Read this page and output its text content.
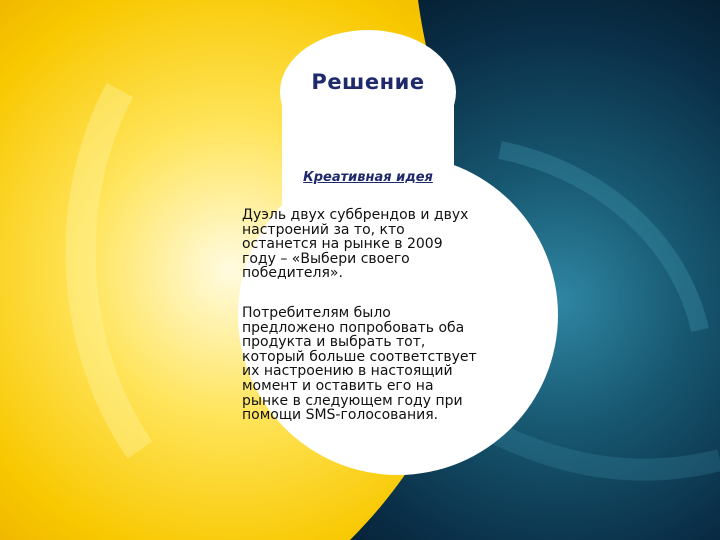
Решение
Креативная идея
Дуэль двух суббрендов и двух
настроений за то, кто
останется на рынке в 2009
году – «Выбери своего
победителя».
Потребителям было
предложено попробовать оба
продукта и выбрать тот,
который больше соответствует
их настроению в настоящий
момент и оставить его на
рынке в следующем году при
помощи SMS-голосования.
